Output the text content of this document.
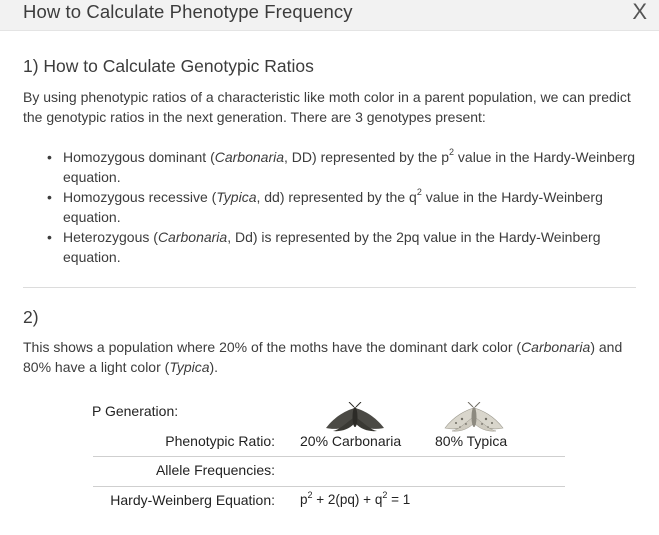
How to Calculate Phenotype Frequency	X
1) How to Calculate Genotypic Ratios
By using phenotypic ratios of a characteristic like moth color in a parent population, we can predict the genotypic ratios in the next generation. There are 3 genotypes present:
• Homozygous dominant (Carbonaria, DD) represented by the $p^2$ value in the Hardy-Weinberg equation.
• Homozygous recessive (Typica, dd) represented by the $q^2$ value in the Hardy-Weinberg equation.
• Heterozygous (Carbonaria, Dd) is represented by the 2pq value in the Hardy-Weinberg equation.
2)
This shows a population where 20% of the moths have the dominant dark color (Carbonaria) and 80% have a light color (Typica).
P Generation:
Phenotypic Ratio: 20% Carbonaria 80% Typica
Allele Frequencies:
Hardy-Weinberg Equation: $p^2 + 2(pq) + q^2 = 1$
